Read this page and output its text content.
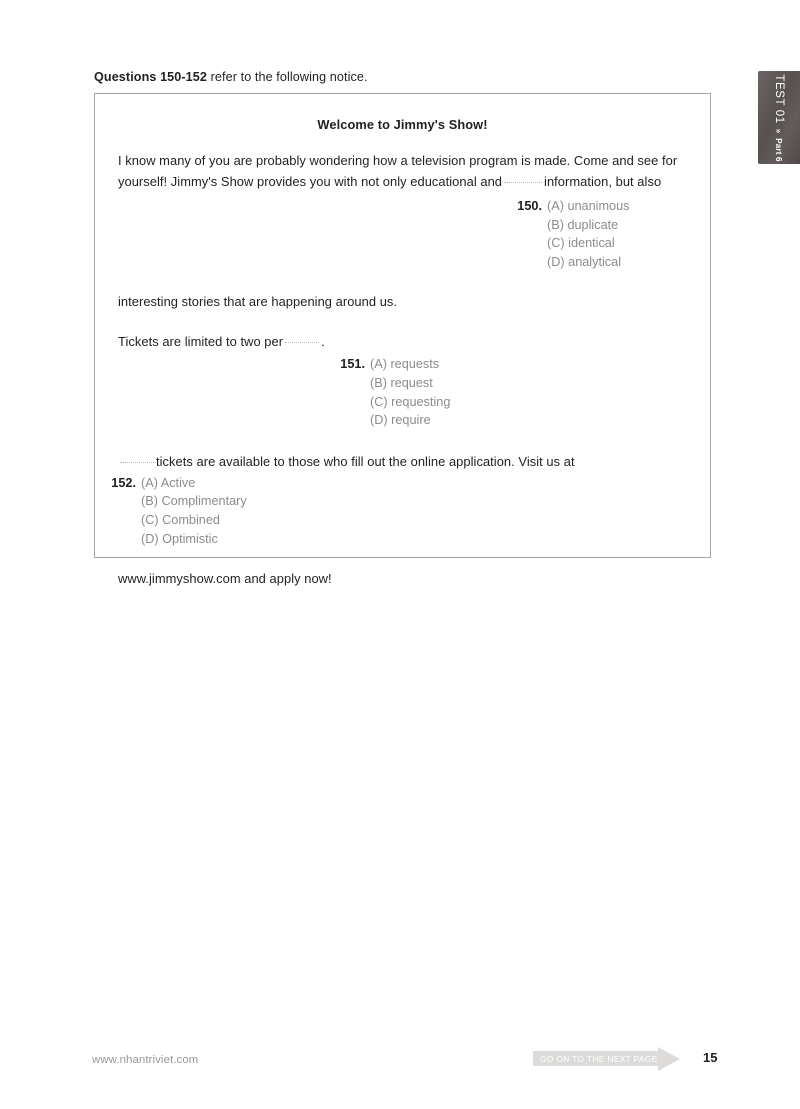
TEST 01
»
Part 6
Questions 150-152 refer to the following notice.
Welcome to Jimmy's Show!
I know many of you are probably wondering how a television program is made. Come and see for
yourself! Jimmy's Show provides you with not only educational and	information, but also
150. (A) unanimous
(B) duplicate
(C) identical
(D) analytical
interesting stories that are happening around us.
Tickets are limited to two per	.
151. (A) requests
(B) request
(C) requesting
(D) require
tickets are available to those who fill out the online application. Visit us at
152. (A) Active
(B) Complimentary
(C) Combined
(D) Optimistic
www.jimmyshow.com and apply now!
www.nhantriviet.com	GO ON TO THE NEXT PAGE	15
